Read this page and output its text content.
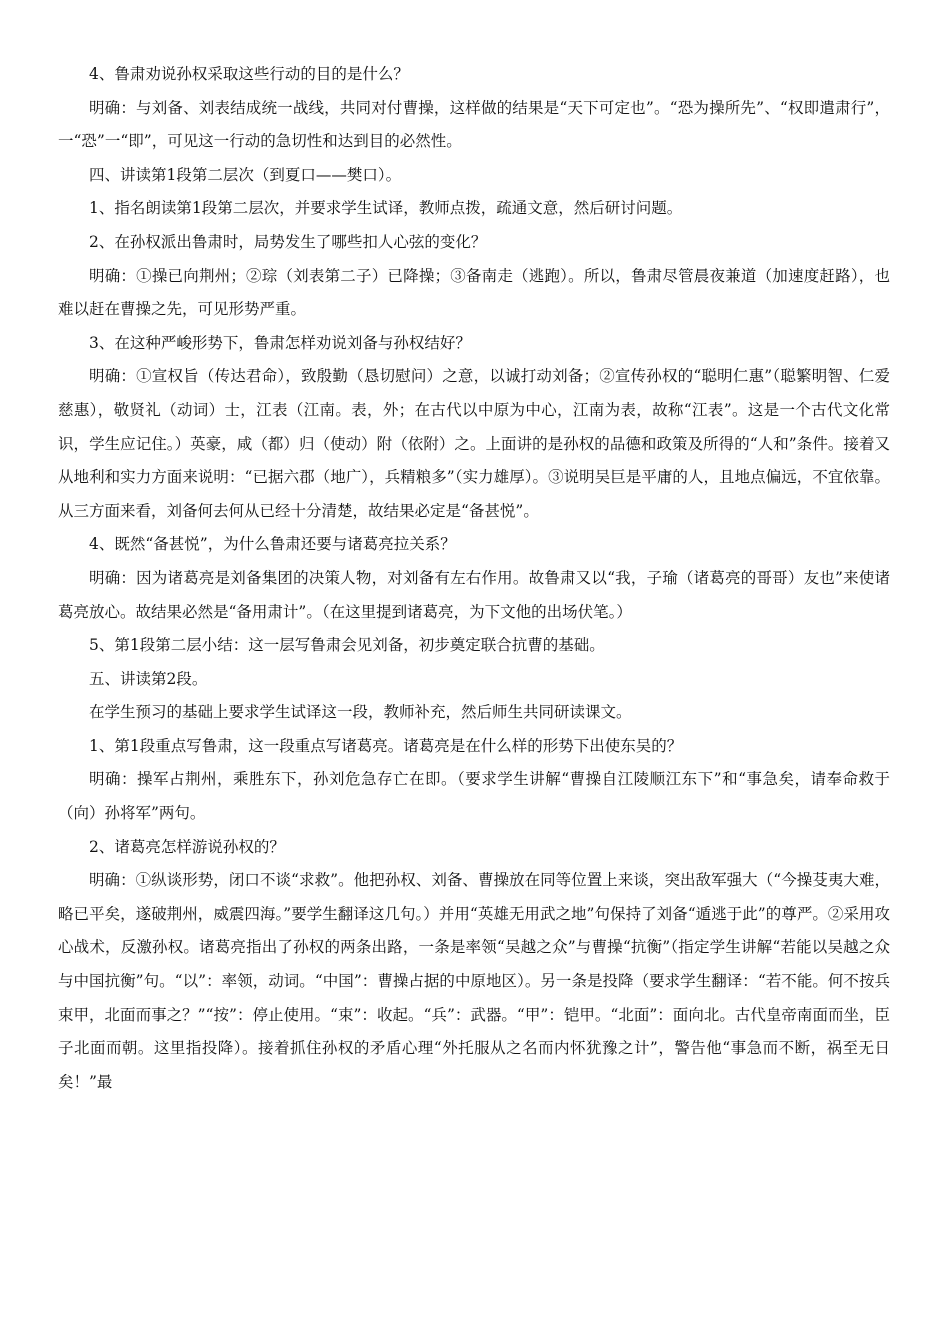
4、鲁肃劝说孙权采取这些行动的目的是什么？

明确：与刘备、刘表结成统一战线，共同对付曹操，这样做的结果是“天下可定也”。“恐为操所先”、“权即遣肃行”，一“恐”一“即”，可见这一行动的急切性和达到目的必然性。

四、讲读第1段第二层次（到夏口——樊口）。

1、指名朗读第1段第二层次，并要求学生试译，教师点拨，疏通文意，然后研讨问题。

2、在孙权派出鲁肃时，局势发生了哪些扣人心弦的变化？

明确：①操已向荆州；②琮（刘表第二子）已降操；③备南走（逃跑）。所以，鲁肃尽管晨夜兼道（加速度赶路），也难以赶在曹操之先，可见形势严重。

3、在这种严峻形势下，鲁肃怎样劝说刘备与孙权结好？

明确：①宣权旨（传达君命），致殷勤（恳切慰问）之意，以诚打动刘备；②宣传孙权的“聪明仁惠”（聪繁明智、仁爱慈惠），敬贤礼（动词）士，江表（江南。表，外；在古代以中原为中心，江南为表，故称“江表”。这是一个古代文化常识，学生应记住。）英豪，咸（都）归（使动）附（依附）之。上面讲的是孙权的品德和政策及所得的“人和”条件。接着又从地利和实力方面来说明：“已据六郡（地广），兵精粮多”（实力雄厚）。③说明吴巨是平庸的人，且地点偏远，不宜依靠。从三方面来看，刘备何去何从已经十分清楚，故结果必定是“备甚悦”。

4、既然“备甚悦”，为什么鲁肃还要与诸葛亮拉关系？

明确：因为诸葛亮是刘备集团的决策人物，对刘备有左右作用。故鲁肃又以“我，子瑜（诸葛亮的哥哥）友也”来使诸葛亮放心。故结果必然是“备用肃计”。（在这里提到诸葛亮，为下文他的出场伏笔。）

5、第1段第二层小结：这一层写鲁肃会见刘备，初步奠定联合抗曹的基础。

五、讲读第2段。

在学生预习的基础上要求学生试译这一段，教师补充，然后师生共同研读课文。

1、第1段重点写鲁肃，这一段重点写诸葛亮。诸葛亮是在什么样的形势下出使东吴的？

明确：操军占荆州，乘胜东下，孙刘危急存亡在即。（要求学生讲解“曹操自江陵顺江东下”和“事急矣，请奉命救于（向）孙将军”两句。

2、诸葛亮怎样游说孙权的？

明确：①纵谈形势，闭口不谈“求救”。他把孙权、刘备、曹操放在同等位置上来谈，突出敌军强大（“今操芟夷大难，略已平矣，遂破荆州，威震四海。”要学生翻译这几句。）并用“英雄无用武之地”句保持了刘备“遁逃于此”的尊严。②采用攻心战术，反激孙权。诸葛亮指出了孙权的两条出路，一条是率领“吴越之众”与曹操“抗衡”（指定学生讲解“若能以吴越之众与中国抗衡”句。“以”：率领，动词。“中国”：曹操占据的中原地区）。另一条是投降（要求学生翻译：“若不能。何不按兵束甲，北面而事之？”“按”：停止使用。“束”：收起。“兵”：武器。“甲”：铠甲。“北面”：面向北。古代皇帝南面而坐，臣子北面而朝。这里指投降）。接着抓住孙权的矛盾心理“外托服从之名而内怀犹豫之计”，警告他“事急而不断，祸至无日矣！”最
